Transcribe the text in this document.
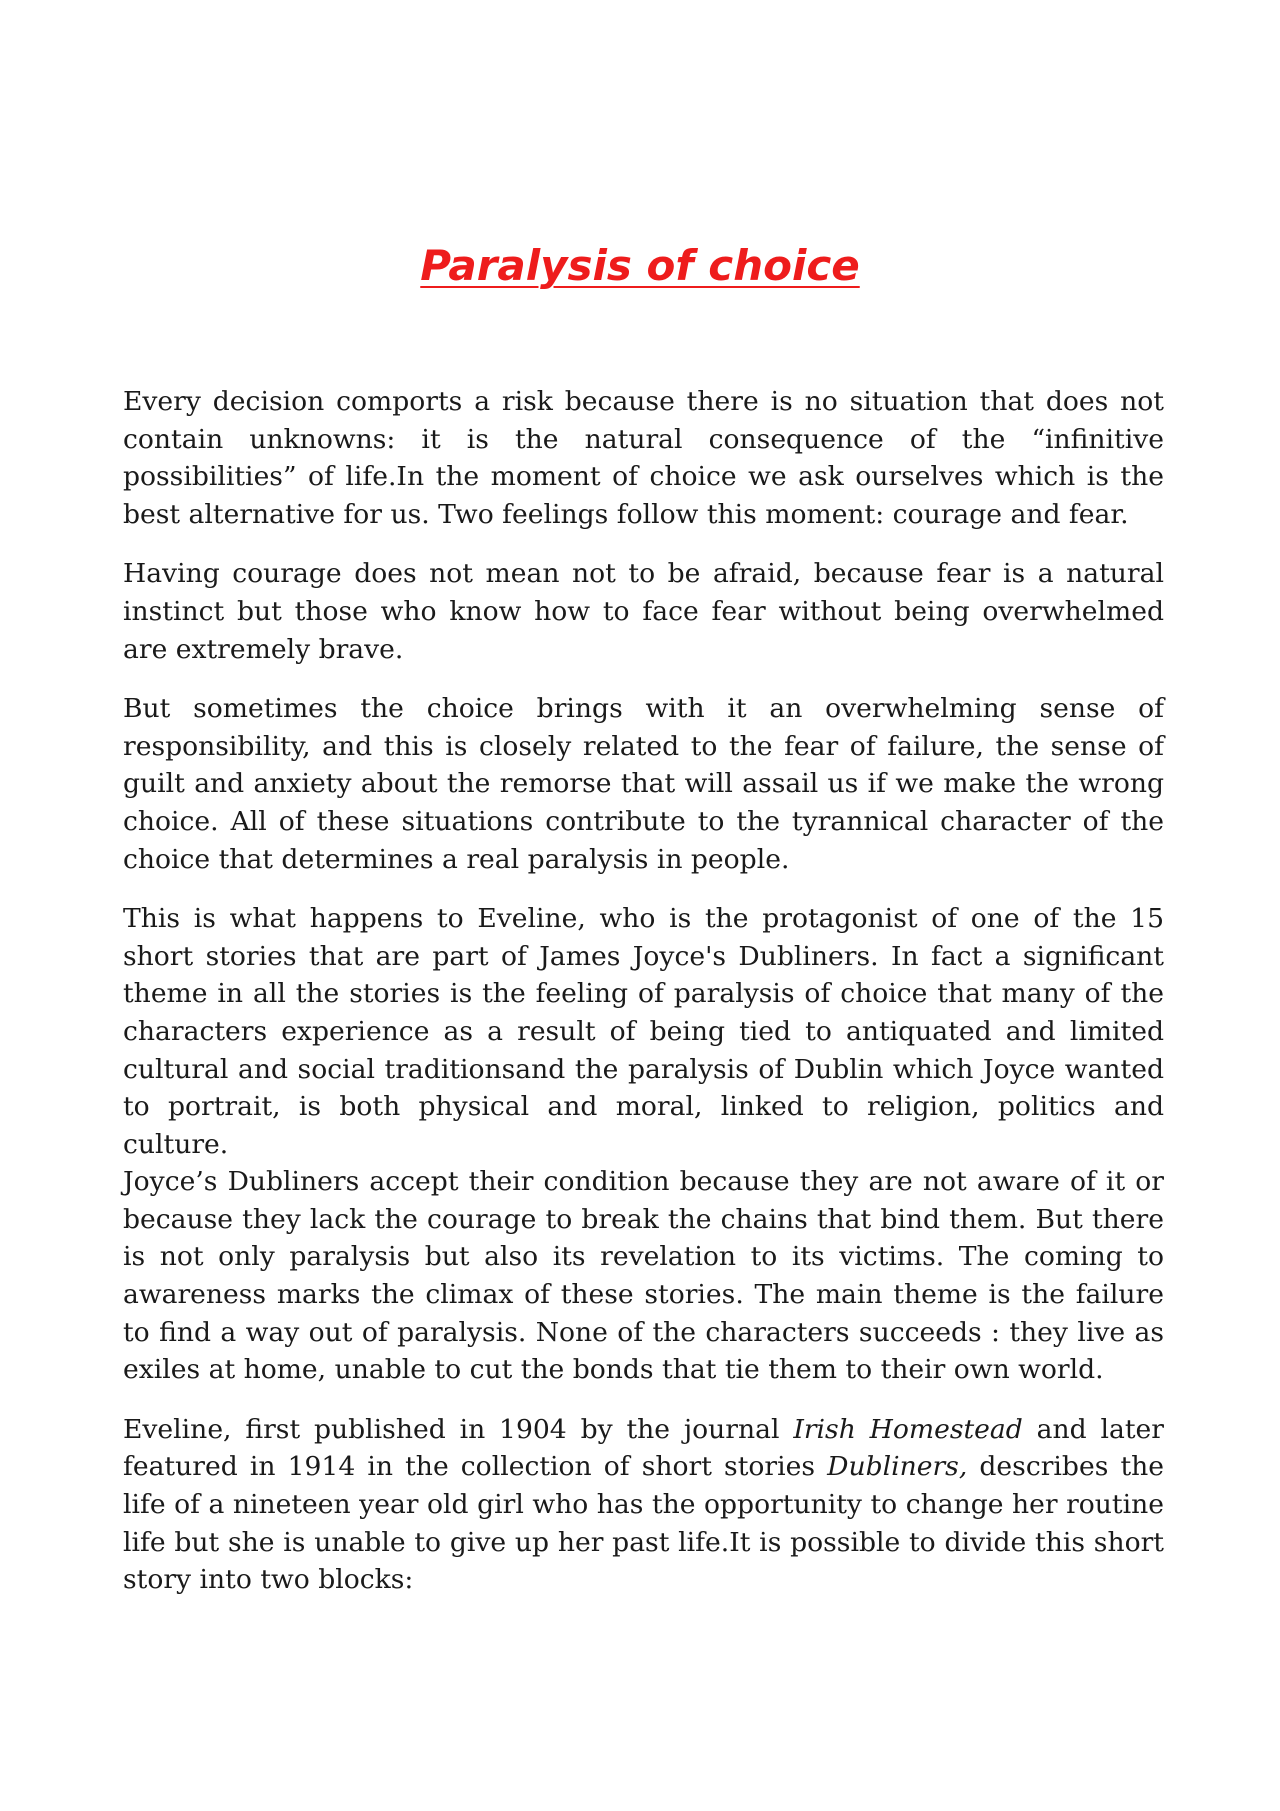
Paralysis of choice

Every decision comports a risk because there is no situation that does not contain unknowns: it is the natural consequence of the “infinitive possibilities” of life.In the moment of choice we ask ourselves which is the best alternative for us. Two feelings follow this moment: courage and fear.

Having courage does not mean not to be afraid, because fear is a natural instinct but those who know how to face fear without being overwhelmed are extremely brave.

But sometimes the choice brings with it an overwhelming sense of responsibility, and this is closely related to the fear of failure, the sense of guilt and anxiety about the remorse that will assail us if we make the wrong choice. All of these situations contribute to the tyrannical character of the choice that determines a real paralysis in people.

This is what happens to Eveline, who is the protagonist of one of the 15 short stories that are part of James Joyce's Dubliners. In fact a significant theme in all the stories is the feeling of paralysis of choice that many of the characters experience as a result of being tied to antiquated and limited cultural and social traditionsand the paralysis of Dublin which Joyce wanted to portrait, is both physical and moral, linked to religion, politics and culture.
Joyce’s Dubliners accept their condition because they are not aware of it or because they lack the courage to break the chains that bind them. But there is not only paralysis but also its revelation to its victims. The coming to awareness marks the climax of these stories. The main theme is the failure to find a way out of paralysis. None of the characters succeeds : they live as exiles at home, unable to cut the bonds that tie them to their own world.

Eveline, first published in 1904 by the journal Irish Homestead and later featured in 1914 in the collection of short stories Dubliners, describes the life of a nineteen year old girl who has the opportunity to change her routine life but she is unable to give up her past life.It is possible to divide this short story into two blocks:
